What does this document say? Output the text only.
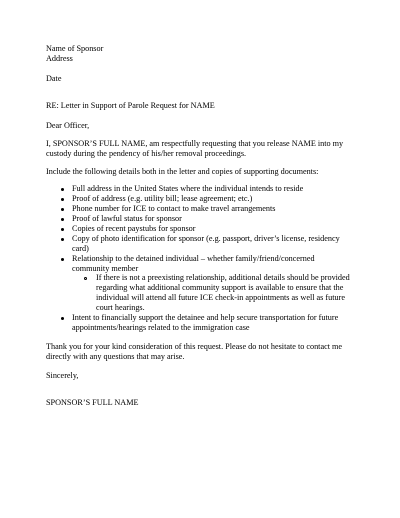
Name of Sponsor
Address
Date
RE: Letter in Support of Parole Request for NAME
Dear Officer,
I, SPONSOR’S FULL NAME, am respectfully requesting that you release NAME into my
custody during the pendency of his/her removal proceedings.
Include the following details both in the letter and copies of supporting documents:
Full address in the United States where the individual intends to reside
Proof of address (e.g. utility bill; lease agreement; etc.)
Phone number for ICE to contact to make travel arrangements
Proof of lawful status for sponsor
Copies of recent paystubs for sponsor
Copy of photo identification for sponsor (e.g. passport, driver’s license, residency
card)
Relationship to the detained individual – whether family/friend/concerned
community member
If there is not a preexisting relationship, additional details should be provided
regarding what additional community support is available to ensure that the
individual will attend all future ICE check-in appointments as well as future
court hearings.
Intent to financially support the detainee and help secure transportation for future
appointments/hearings related to the immigration case
Thank you for your kind consideration of this request. Please do not hesitate to contact me
directly with any questions that may arise.
Sincerely,
SPONSOR’S FULL NAME
